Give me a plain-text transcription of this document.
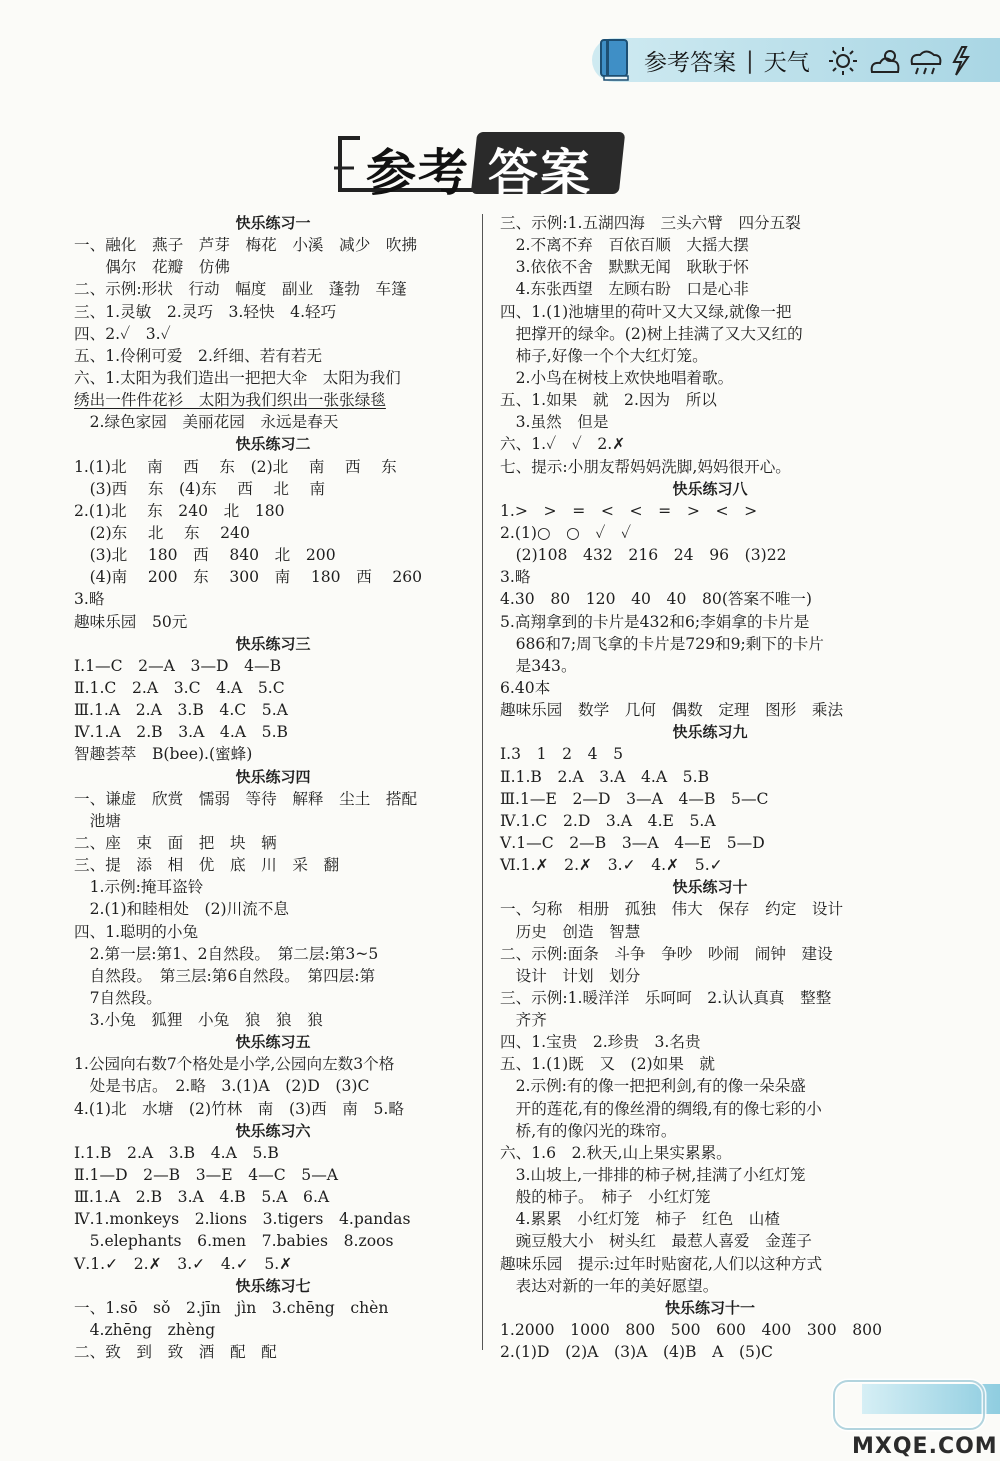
参考答案 | 天气
参考 答案
快乐练习一
一、融化　燕子　芦芽　梅花　小溪　减少　吹拂
　　偶尔　花瓣　仿佛
二、示例:形状　行动　幅度　副业　蓬勃　车篷
三、1.灵敏　2.灵巧　3.轻快　4.轻巧
四、2.✓　3.✓
五、1.伶俐可爱　2.纤细、若有若无
六、1.太阳为我们造出一把把大伞　太阳为我们
绣出一件件花衫　太阳为我们织出一张张绿毯
　2.绿色家园　美丽花园　永远是春天
快乐练习二
1.(1)北　 南　 西　 东　(2)北　 南　 西　 东
　(3)西　 东　(4)东　 西　 北　 南
2.(1)北　 东　240　北　180
　(2)东　 北　 东　 240
　(3)北　 180　西　 840　北　200
　(4)南　 200　东　 300　南　 180　西　 260
3.略
趣味乐园　50元
快乐练习三
Ⅰ.1—C　2—A　3—D　4—B
Ⅱ.1.C　2.A　3.C　4.A　5.C
Ⅲ.1.A　2.A　3.B　4.C　5.A
Ⅳ.1.A　2.B　3.A　4.A　5.B
智趣荟萃　B(bee).(蜜蜂)
快乐练习四
一、谦虚　欣赏　懦弱　等待　解释　尘土　搭配
　池塘
二、座　束　面　把　块　辆
三、提　添　相　优　底　川　采　翻
　1.示例:掩耳盗铃
　2.(1)和睦相处　(2)川流不息
四、1.聪明的小兔
　2.第一层:第1、2自然段。　第二层:第3~5
　自然段。　第三层:第6自然段。　第四层:第
　7自然段。
　3.小兔　狐狸　小兔　狼　狼　狼
快乐练习五
1.公园向右数7个格处是小学,公园向左数3个格
　处是书店。　2.略　3.(1)A　(2)D　(3)C
4.(1)北　水塘　(2)竹林　南　(3)西　南　5.略
快乐练习六
Ⅰ.1.B　2.A　3.B　4.A　5.B
Ⅱ.1—D　2—B　3—E　4—C　5—A
Ⅲ.1.A　2.B　3.A　4.B　5.A　6.A
Ⅳ.1.monkeys　2.lions　3.tigers　4.pandas
　5.elephants　6.men　7.babies　8.zoos
Ⅴ.1.✓　2.✗　3.✓　4.✓　5.✗
快乐练习七
一、1.sō　sǒ　2.jīn　jìn　3.chēng　chèn
　4.zhēng　zhèng
二、致　到　致　酒　配　配
三、示例:1.五湖四海　三头六臂　四分五裂
　2.不离不弃　百依百顺　大摇大摆
　3.依依不舍　默默无闻　耿耿于怀
　4.东张西望　左顾右盼　口是心非
四、1.(1)池塘里的荷叶又大又绿,就像一把
　把撑开的绿伞。(2)树上挂满了又大又红的
　柿子,好像一个个大红灯笼。
　2.小鸟在树枝上欢快地唱着歌。
五、1.如果　就　2.因为　所以
　3.虽然　但是
六、1.✓　✓　2.✗
七、提示:小朋友帮妈妈洗脚,妈妈很开心。
快乐练习八
1.>　>　=　<　<　=　>　<　>
2.(1)○　○　✓　✓
　(2)108　432　216　24　96　(3)22
3.略
4.30　80　120　40　40　80(答案不唯一)
5.高翔拿到的卡片是432和6;李娟拿的卡片是
　686和7;周飞拿的卡片是729和9;剩下的卡片
　是343。
6.40本
趣味乐园　数学　几何　偶数　定理　图形　乘法
快乐练习九
Ⅰ.3　1　2　4　5
Ⅱ.1.B　2.A　3.A　4.A　5.B
Ⅲ.1—E　2—D　3—A　4—B　5—C
Ⅳ.1.C　2.D　3.A　4.E　5.A
Ⅴ.1—C　2—B　3—A　4—E　5—D
Ⅵ.1.✗　2.✗　3.✓　4.✗　5.✓
快乐练习十
一、匀称　相册　孤独　伟大　保存　约定　设计
　历史　创造　智慧
二、示例:面条　斗争　争吵　吵闹　闹钟　建设
　设计　计划　划分
三、示例:1.暖洋洋　乐呵呵　2.认认真真　整整
　齐齐
四、1.宝贵　2.珍贵　3.名贵
五、1.(1)既　又　(2)如果　就
　2.示例:有的像一把把利剑,有的像一朵朵盛
　开的莲花,有的像丝滑的绸缎,有的像七彩的小
　桥,有的像闪光的珠帘。
六、1.6　2.秋天,山上果实累累。
　3.山坡上,一排排的柿子树,挂满了小红灯笼
　般的柿子。　柿子　小红灯笼
　4.累累　小红灯笼　柿子　红色　山楂
　豌豆般大小　树头红　最惹人喜爱　金莲子
趣味乐园　提示:过年时贴窗花,人们以这种方式
　表达对新的一年的美好愿望。
快乐练习十一
1.2000　1000　800　500　600　400　300　800
2.(1)D　(2)A　(3)A　(4)B　A　(5)C
MXQE.COM
